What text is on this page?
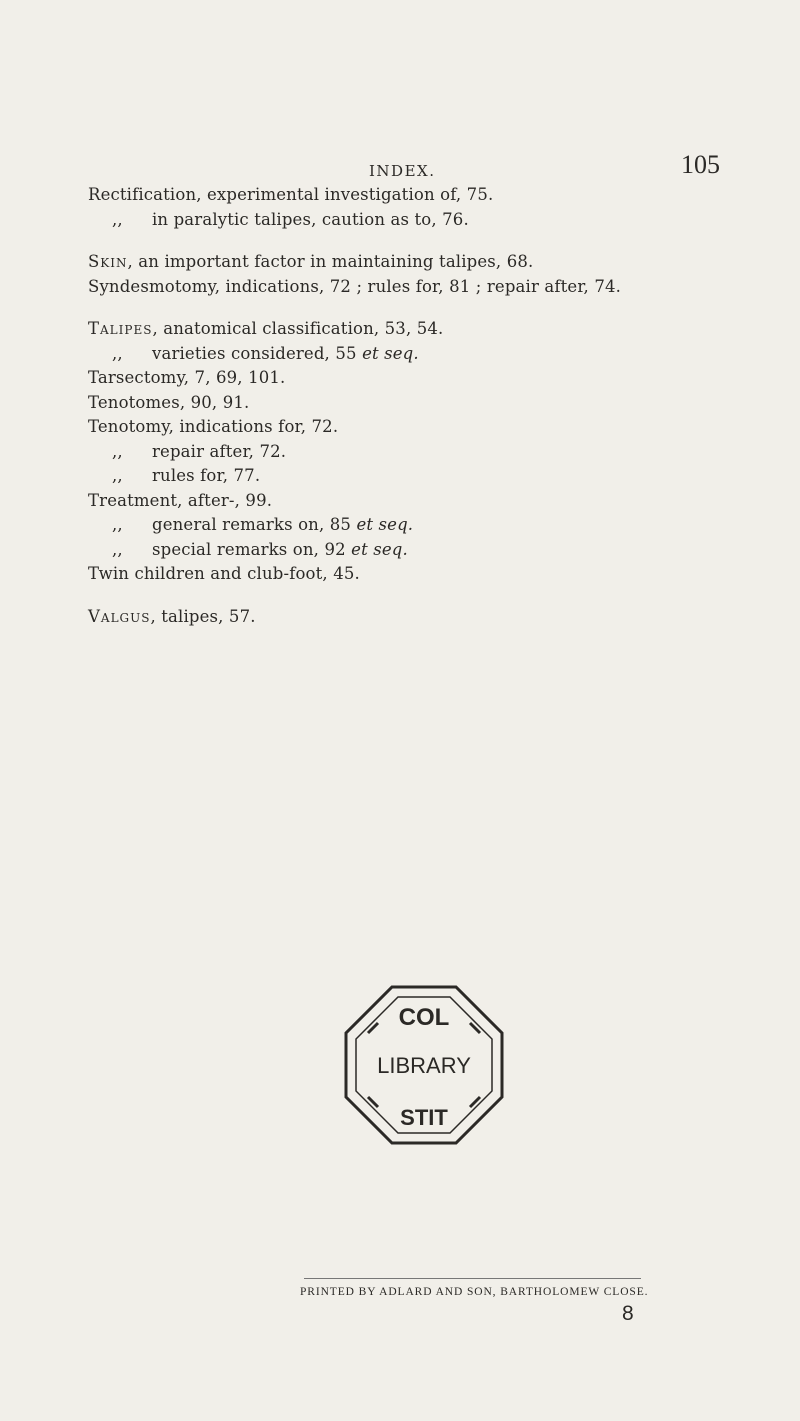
INDEX.	105
Rectification, experimental investigation of, 75.
,, in paralytic talipes, caution as to, 76.
Skin, an important factor in maintaining talipes, 68.
Syndesmotomy, indications, 72 ; rules for, 81 ; repair after, 74.
Talipes, anatomical classification, 53, 54.
,, varieties considered, 55 et seq.
Tarsectomy, 7, 69, 101.
Tenotomes, 90, 91.
Tenotomy, indications for, 72.
,, repair after, 72.
,, rules for, 77.
Treatment, after-, 99.
,, general remarks on, 85 et seq.
,, special remarks on, 92 et seq.
Twin children and club-foot, 45.
Valgus, talipes, 57.
COL
LIBRARY
STIT
PRINTED BY ADLARD AND SON, BARTHOLOMEW CLOSE.
8
